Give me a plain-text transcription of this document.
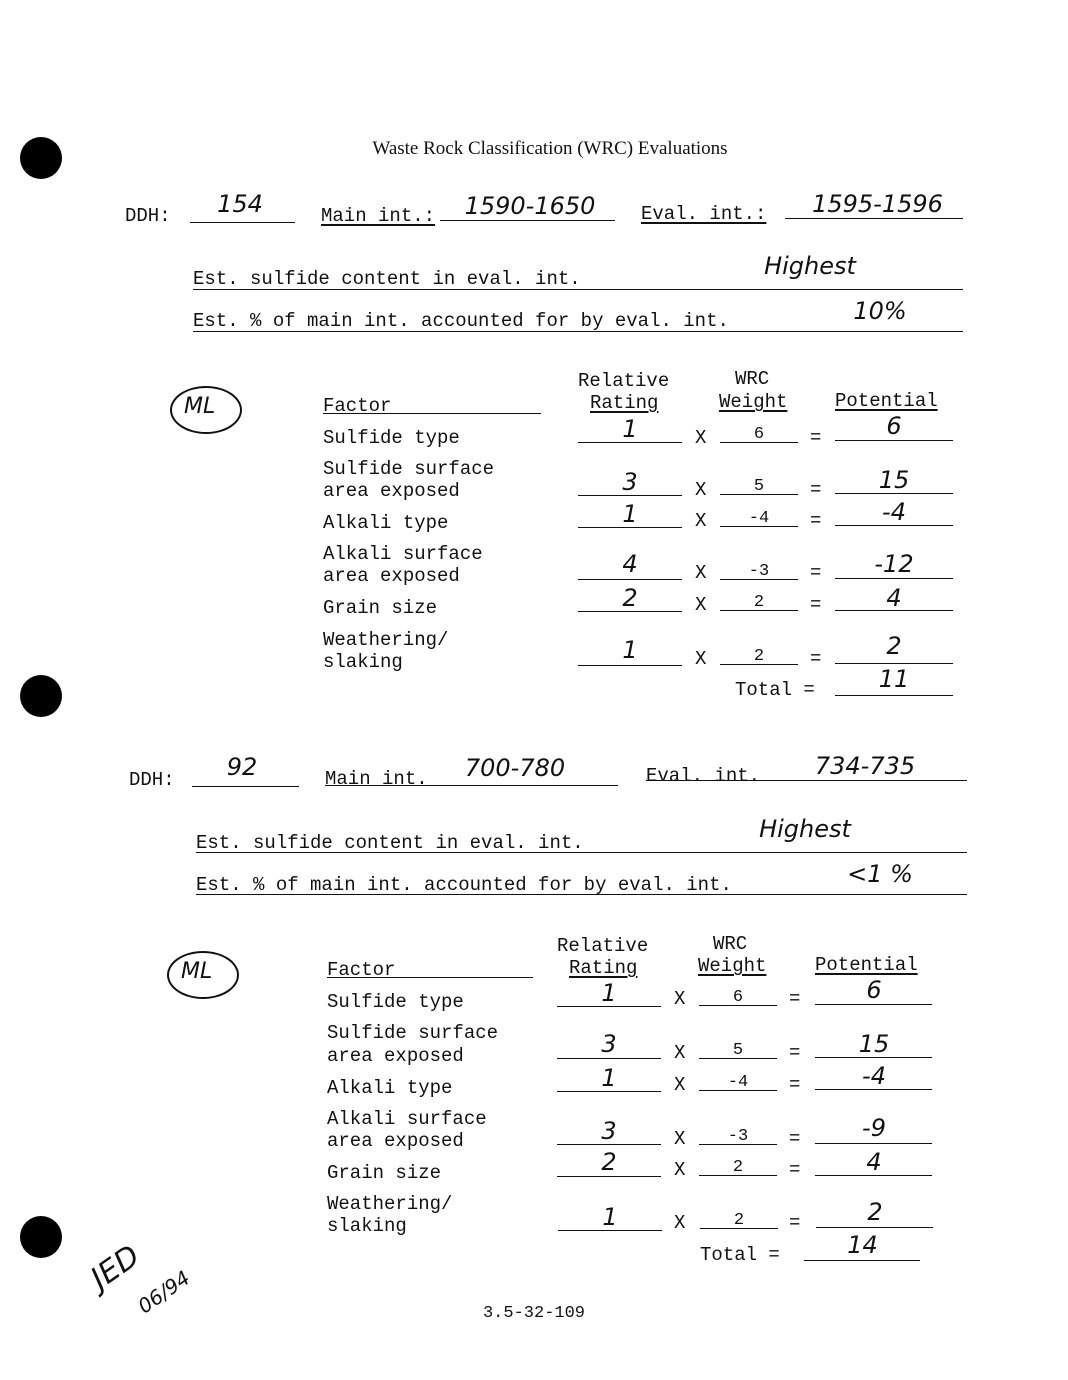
Waste Rock Classification (WRC) Evaluations
DDH:	154	Main int.:	1590-1650	Eval. int.:	1595-1596
Est. sulfide content in eval. int.	Highest
Est. % of main int. accounted for by eval. int.	10%
ML
Relative
Rating
WRC
Weight	Potential
Factor
Sulfide type	1	X	6	=	6
Sulfide surface
area exposed	3	X	5	=	15
Alkali type	1	X	-4	=	-4
Alkali surface
area exposed	4	X	-3	=	-12
Grain size	2	X	2	=	4
Weathering/
slaking	1	X	2	=	2
Total =	11
DDH:	92	Main int.	700-780	Eval. int.	734-735
Est. sulfide content in eval. int.	Highest
Est. % of main int. accounted for by eval. int.	<1 %
ML
Relative
Rating
WRC
Weight	Potential
Factor
Sulfide type	1	X	6	=	6
Sulfide surface
area exposed	3	X	5	=	15
Alkali type	1	X	-4	=	-4
Alkali surface
area exposed	3	X	-3	=	-9
Grain size	2	X	2	=	4
Weathering/
slaking	1	X	2	=	2
Total =	14
JED
06/94	3.5-32-109
